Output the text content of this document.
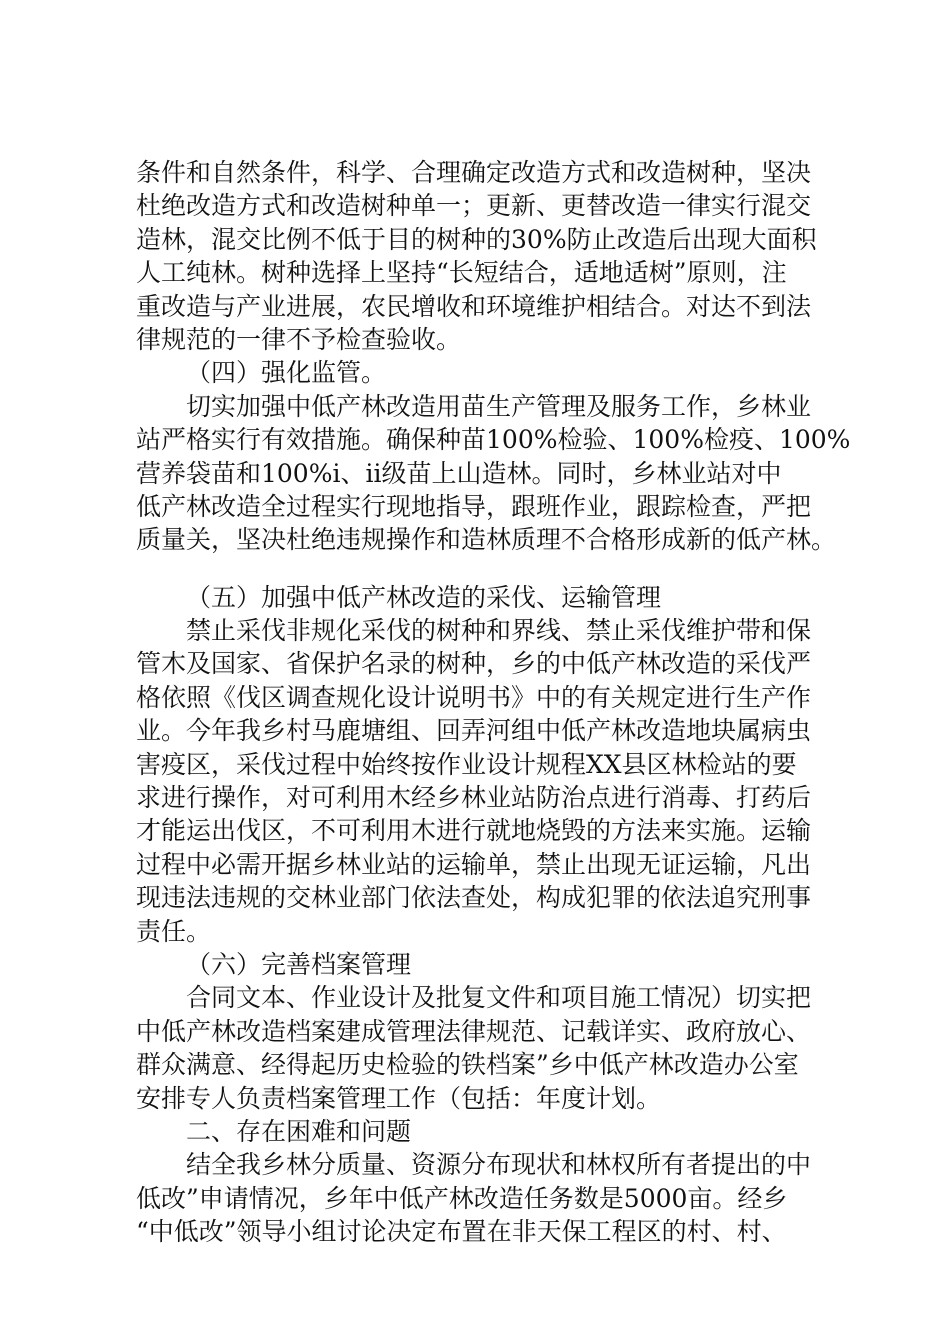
条件和自然条件，科学、合理确定改造方式和改造树种，坚决
杜绝改造方式和改造树种单一；更新、更替改造一律实行混交
造林，混交比例不低于目的树种的30%防止改造后出现大面积
人工纯林。树种选择上坚持“长短结合，适地适树”原则，注
重改造与产业进展，农民增收和环境维护相结合。对达不到法
律规范的一律不予检查验收。
（四）强化监管。
切实加强中低产林改造用苗生产管理及服务工作，乡林业
站严格实行有效措施。确保种苗100%检验、100%检疫、100%
营养袋苗和100%ⅰ、ⅱ级苗上山造林。同时，乡林业站对中
低产林改造全过程实行现地指导，跟班作业，跟踪检查，严把
质量关，坚决杜绝违规操作和造林质理不合格形成新的低产林。
（五）加强中低产林改造的采伐、运输管理
禁止采伐非规化采伐的树种和界线、禁止采伐维护带和保
管木及国家、省保护名录的树种，乡的中低产林改造的采伐严
格依照《伐区调查规化设计说明书》中的有关规定进行生产作
业。今年我乡村马鹿塘组、回弄河组中低产林改造地块属病虫
害疫区，采伐过程中始终按作业设计规程XX县区林检站的要
求进行操作，对可利用木经乡林业站防治点进行消毒、打药后
才能运出伐区，不可利用木进行就地烧毁的方法来实施。运输
过程中必需开据乡林业站的运输单，禁止出现无证运输，凡出
现违法违规的交林业部门依法查处，构成犯罪的依法追究刑事
责任。
（六）完善档案管理
合同文本、作业设计及批复文件和项目施工情况）切实把
中低产林改造档案建成管理法律规范、记载详实、政府放心、
群众满意、经得起历史检验的铁档案”乡中低产林改造办公室
安排专人负责档案管理工作（包括：年度计划。
二、存在困难和问题
结全我乡林分质量、资源分布现状和林权所有者提出的中
低改”申请情况，乡年中低产林改造任务数是5000亩。经乡
“中低改”领导小组讨论决定布置在非天保工程区的村、村、
